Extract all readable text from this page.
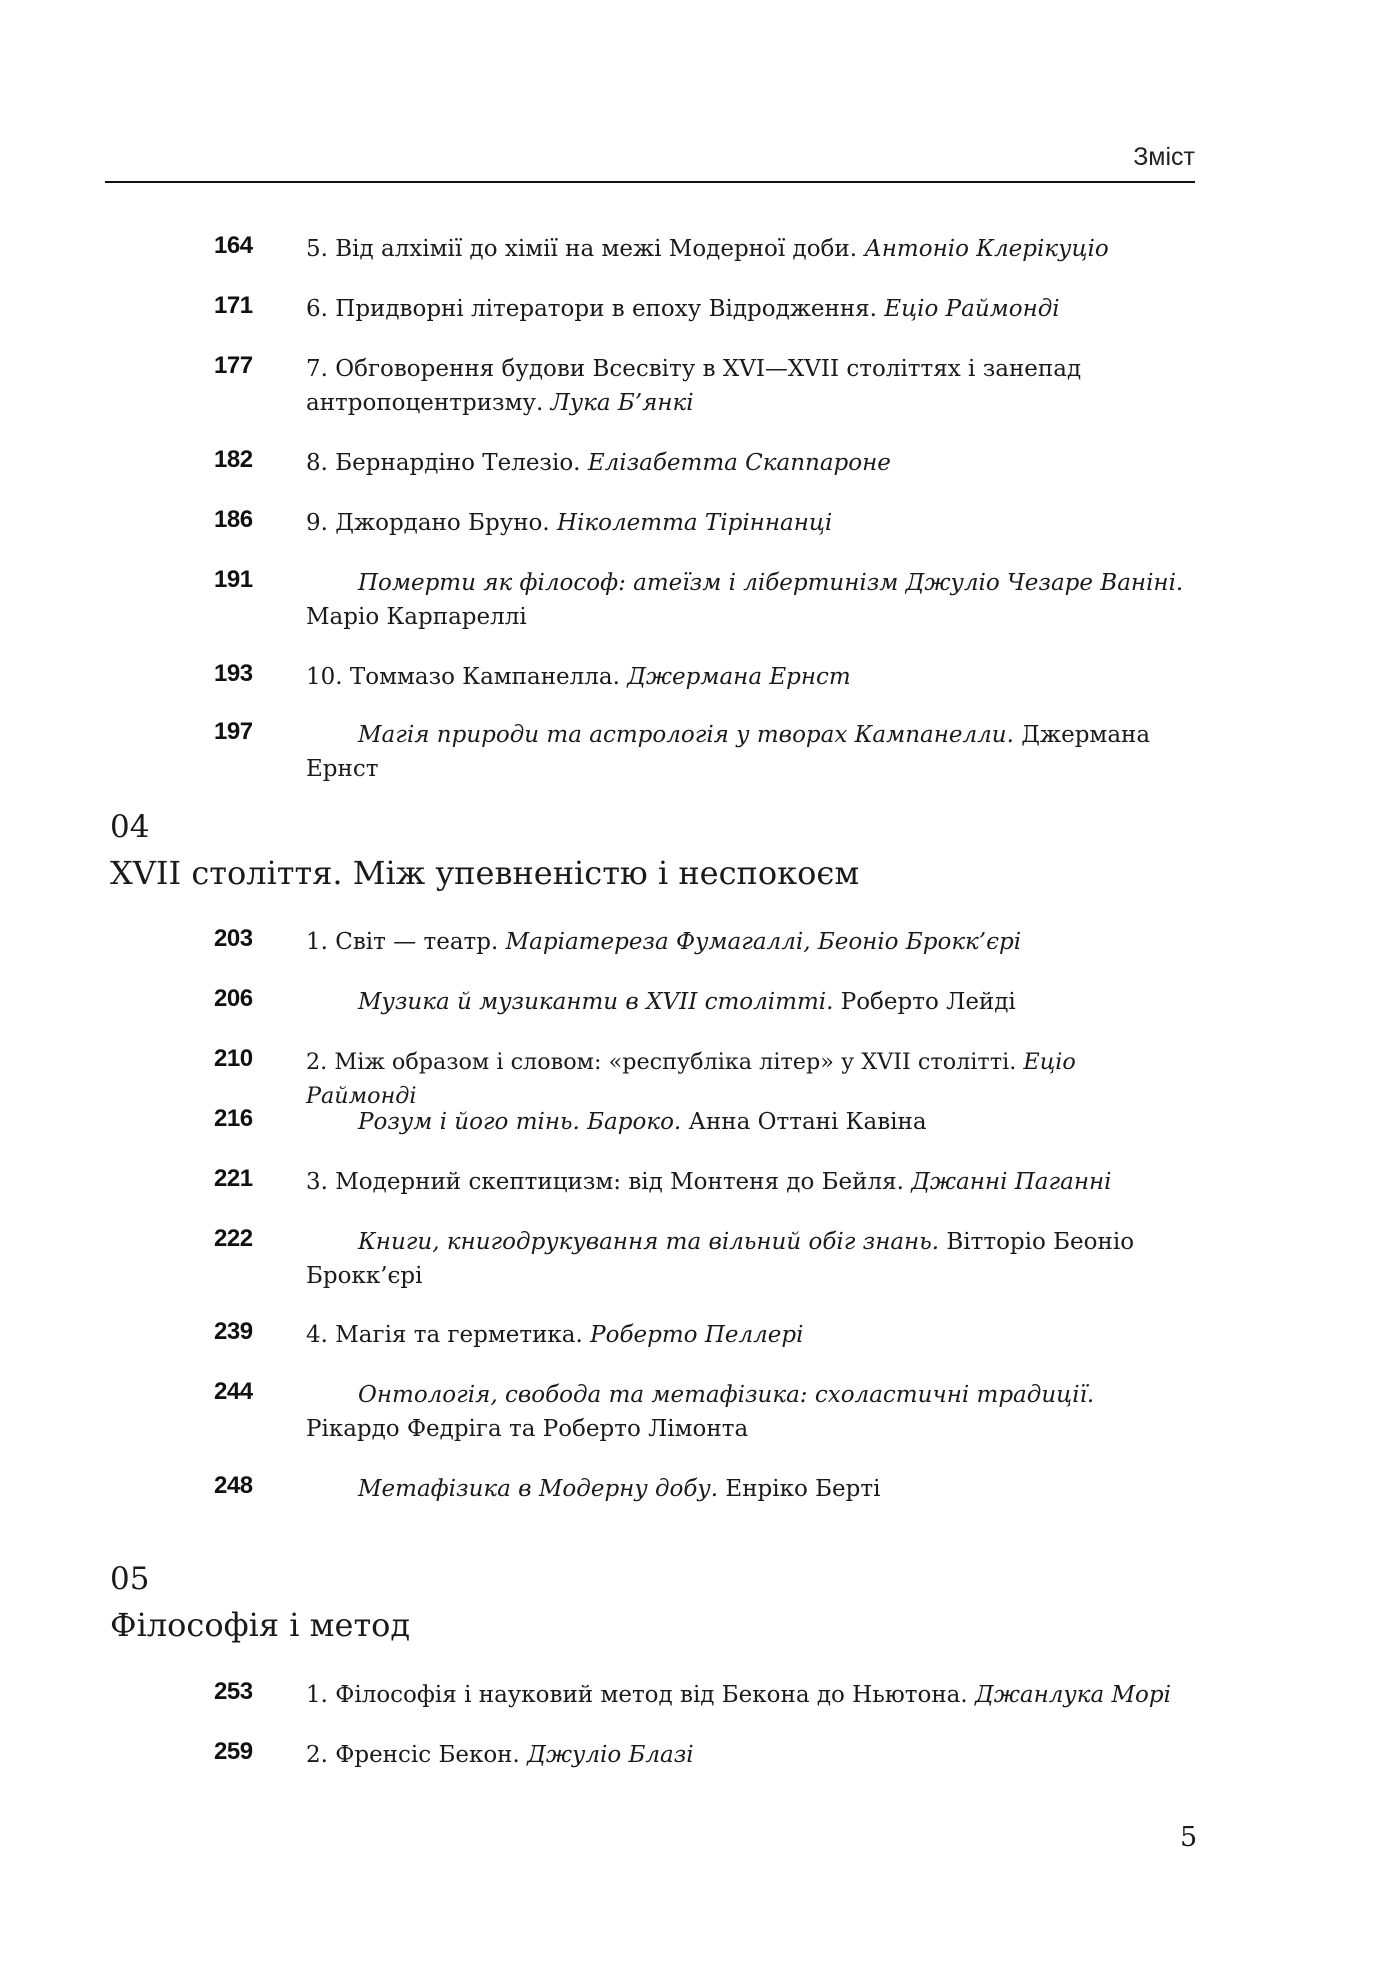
Зміст
164 5. Від алхімії до хімії на межі Модерної доби. Антоніо Клерікуціо
171 6. Придворні літератори в епоху Відродження. Еціо Раймонді
177 7. Обговорення будови Всесвіту в XVI—XVII століттях і занепад антропоцентризму. Лука Б’янкі
182 8. Бернардіно Телезіо. Елізабетта Скаппароне
186 9. Джордано Бруно. Ніколетта Тіріннанці
191	Померти як філософ: атеїзм і лібертинізм Джуліо Чезаре Ваніні. Маріо Карпареллі
193 10. Томмазо Кампанелла. Джермана Ернст
197	Магія природи та астрологія у творах Кампанелли. Джермана Ернст
04
XVII століття. Між упевненістю і неспокоєм
203 1. Світ — театр. Маріатереза Фумагаллі, Беоніо Брокк’єрі
206	Музика й музиканти в XVII столітті. Роберто Лейді
210 2. Між образом і словом: «республіка літер» у XVII столітті. Еціо Раймонді
216	Розум і його тінь. Бароко. Анна Оттані Кавіна
221 3. Модерний скептицизм: від Монтеня до Бейля. Джанні Паганні
222	Книги, книгодрукування та вільний обіг знань. Вітторіо Беоніо Брокк’єрі
239 4. Магія та герметика. Роберто Пеллері
244	Онтологія, свобода та метафізика: схоластичні традиції. Рікардо Федріга та Роберто Лімонта
248	Метафізика в Модерну добу. Енріко Берті
05
Філософія і метод
253 1. Філософія і науковий метод від Бекона до Ньютона. Джанлука Морі
259 2. Френсіс Бекон. Джуліо Блазі
5
